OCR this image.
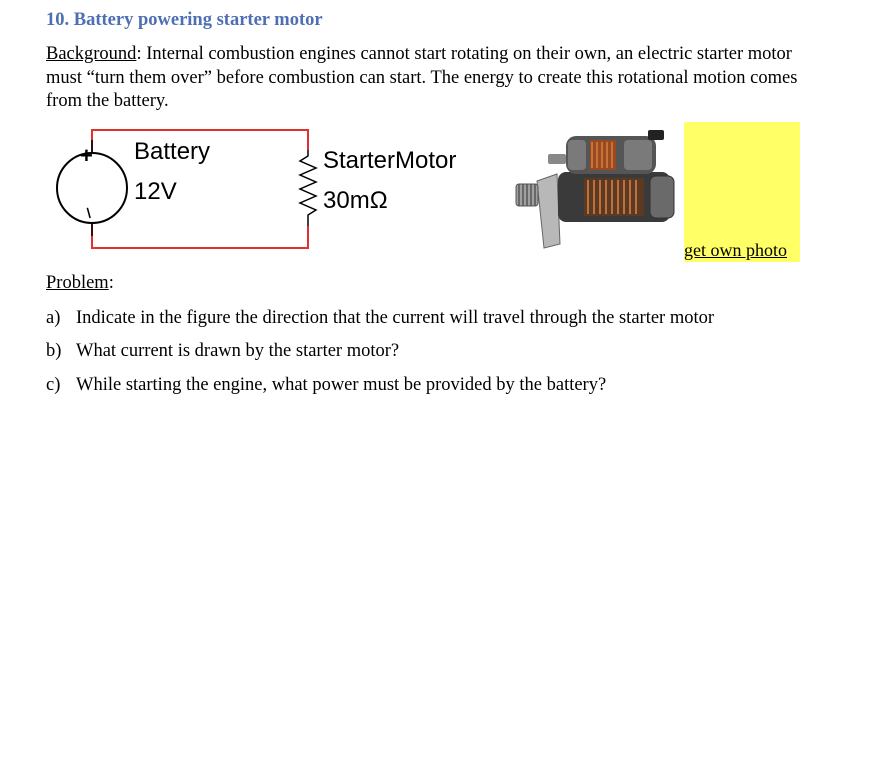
10. Battery powering starter motor
Background: Internal combustion engines cannot start rotating on their own, an electric starter motor must “turn them over” before combustion can start. The energy to create this rotational motion comes from the battery.
+
−
Battery
12V
StarterMotor
30mΩ
get own photo
Problem:
a) Indicate in the figure the direction that the current will travel through the starter motor
b) What current is drawn by the starter motor?
c) While starting the engine, what power must be provided by the battery?
